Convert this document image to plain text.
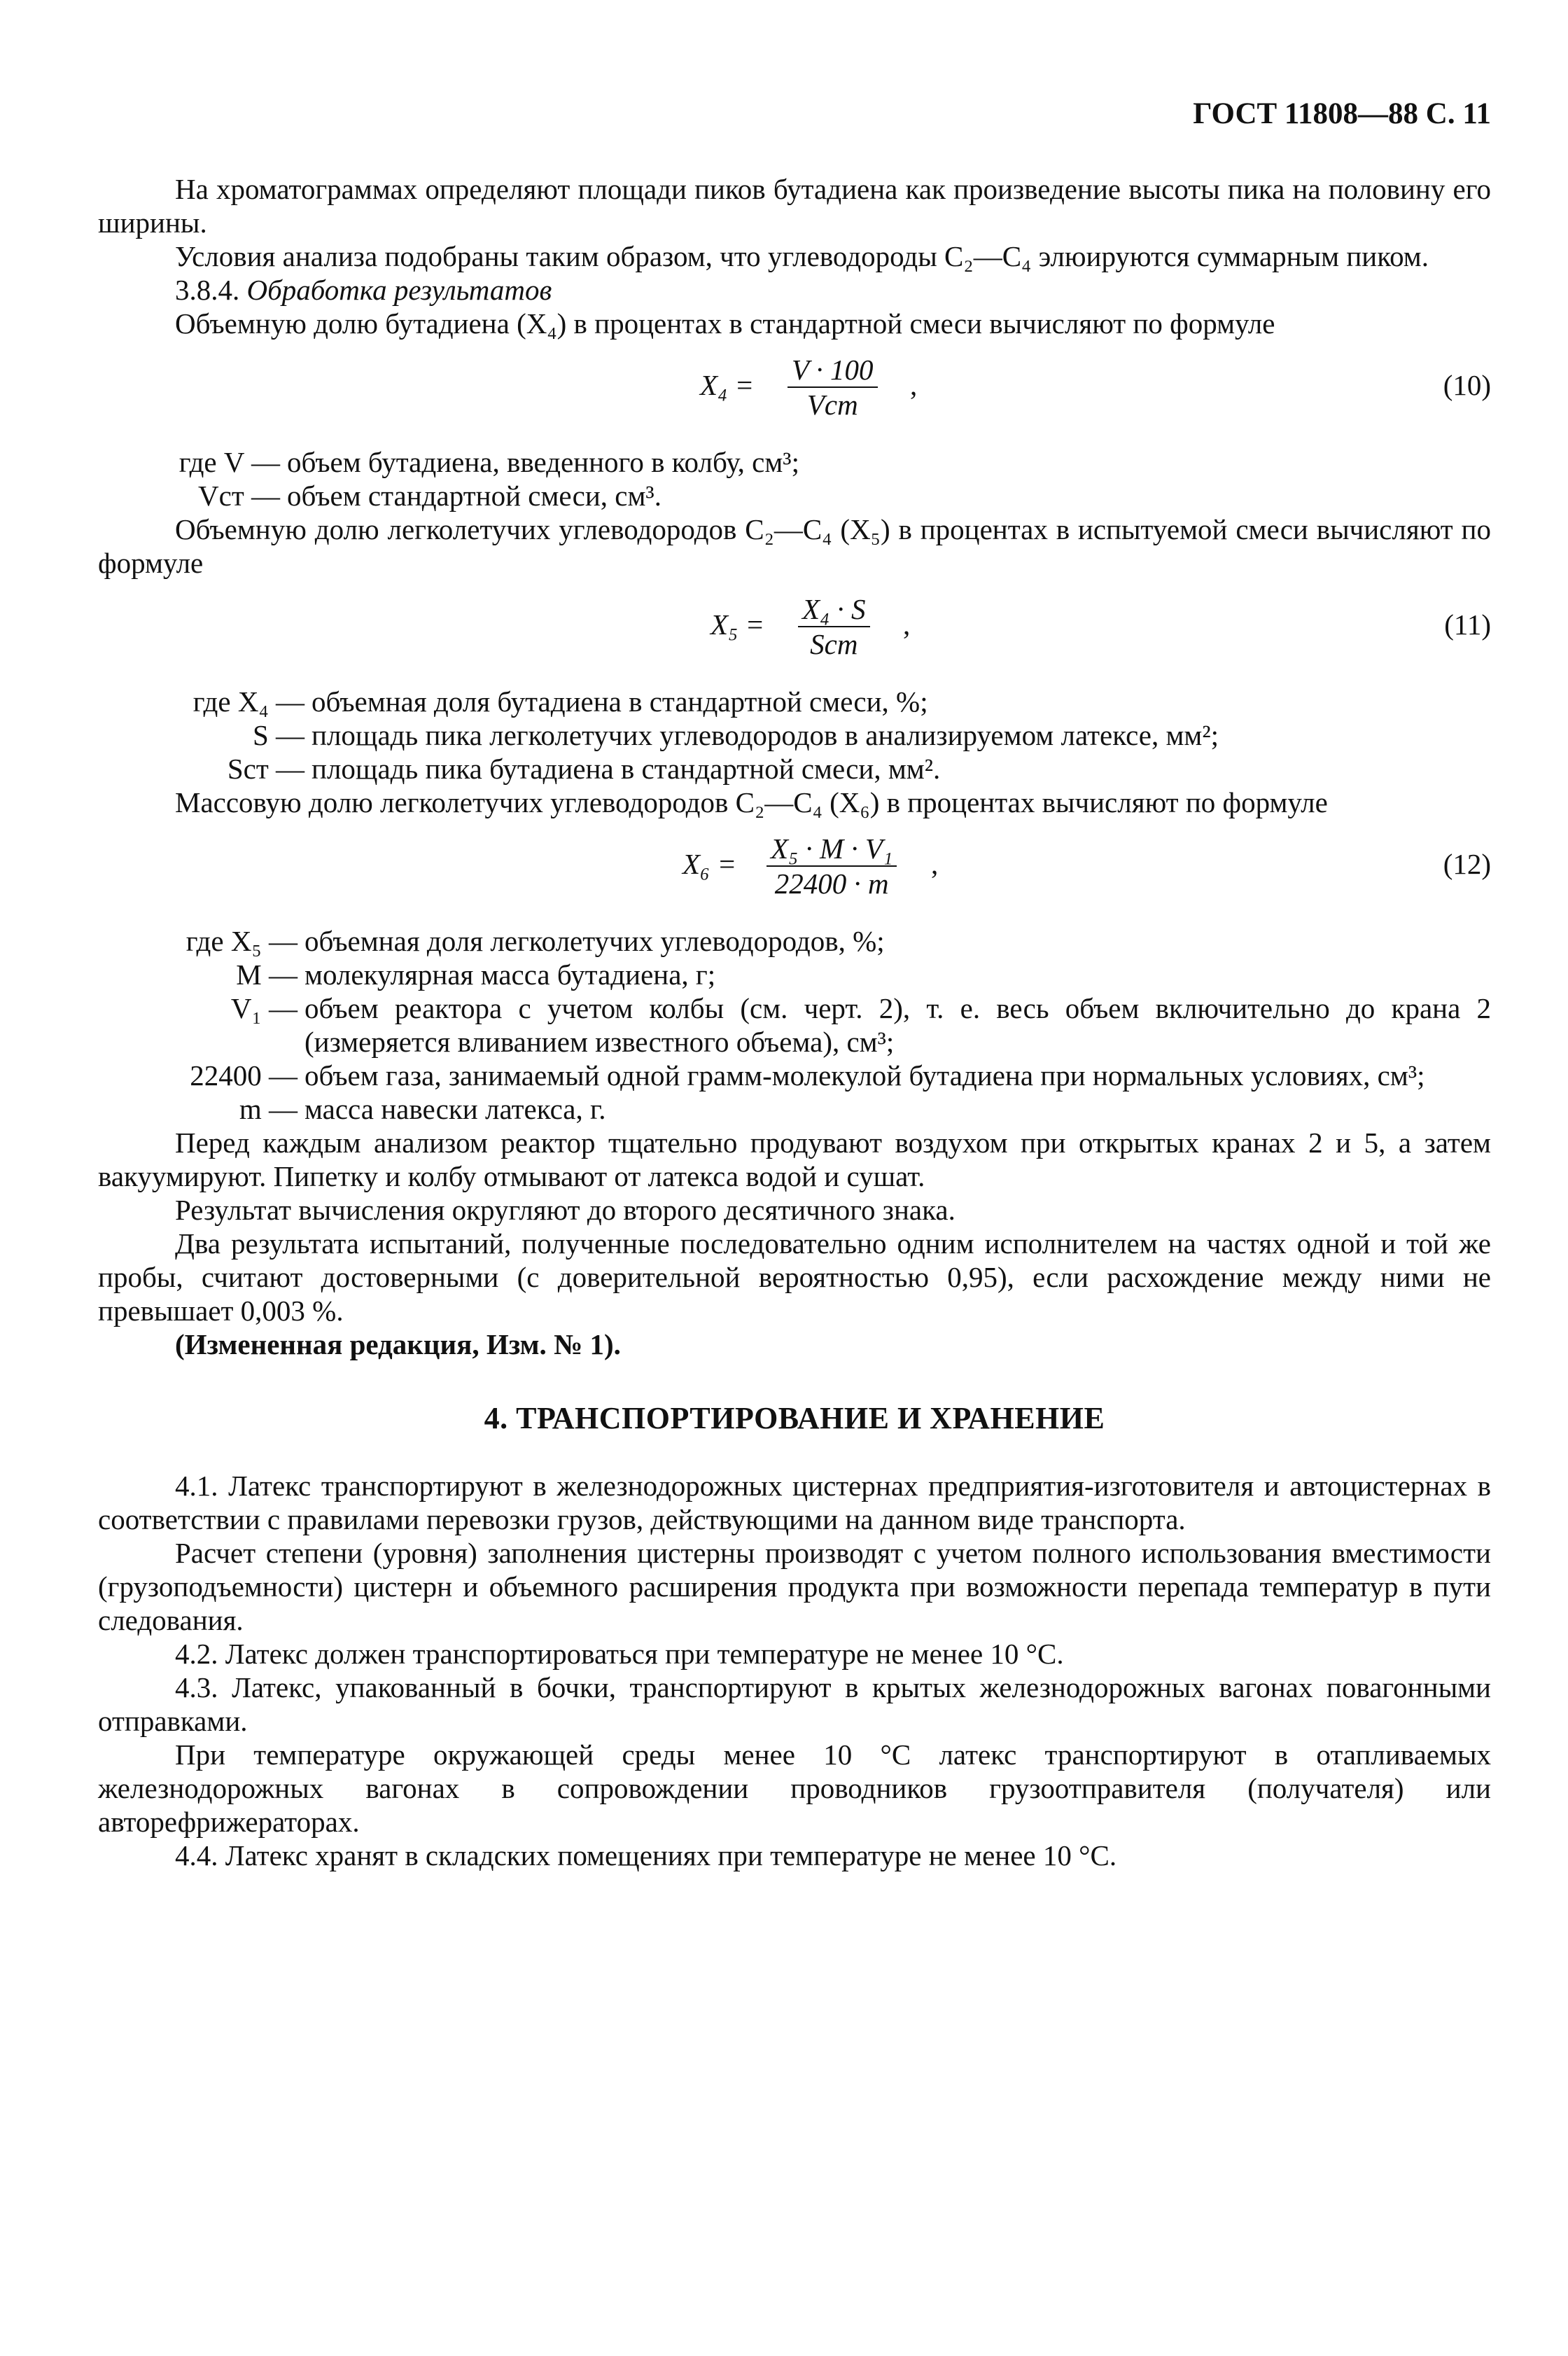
ГОСТ 11808—88 С. 11

На хроматограммах определяют площади пиков бутадиена как произведение высоты пика на половину его ширины.

Условия анализа подобраны таким образом, что углеводороды C₂—C₄ элюируются суммарным пиком.

3.8.4. Обработка результатов

Объемную долю бутадиена (X₄) в процентах в стандартной смеси вычисляют по формуле

X₄ = V · 100
Vст
,	(10)
где V —	объем бутадиена, введенного в колбу, см³;
Vст —	объем стандартной смеси, см³.

Объемную долю легколетучих углеводородов C₂—C₄ (X₅) в процентах в испытуемой смеси вычисляют по формуле

X₅ = X₄ · S
Sст
,	(11)
где X₄ —	объемная доля бутадиена в стандартной смеси, %;
S —	площадь пика легколетучих углеводородов в анализируемом латексе, мм²;
Sст —	площадь пика бутадиена в стандартной смеси, мм².

Массовую долю легколетучих углеводородов C₂—C₄ (X₆) в процентах вычисляют по формуле

$X_6 = \frac{\text{X₅ · M · V₁}}{22400 \cdot m}$ ,	(12)
где X₅ —	объемная доля легколетучих углеводородов, %;
M —	молекулярная масса бутадиена, г;
V₁ —	объем реактора с учетом колбы (см. черт. 2), т. е. весь объем включительно до крана 2 (измеряется вливанием известного объема), см³;
22400 —	объем газа, занимаемый одной грамм-молекулой бутадиена при нормальных условиях, см³;
m —	масса навески латекса, г.

Перед каждым анализом реактор тщательно продувают воздухом при открытых кранах 2 и 5, а затем вакуумируют. Пипетку и колбу отмывают от латекса водой и сушат.

Результат вычисления округляют до второго десятичного знака.

Два результата испытаний, полученные последовательно одним исполнителем на частях одной и той же пробы, считают достоверными (с доверительной вероятностью 0,95), если расхождение между ними не превышает 0,003 %.

(Измененная редакция, Изм. № 1).

4. ТРАНСПОРТИРОВАНИЕ И ХРАНЕНИЕ

4.1. Латекс транспортируют в железнодорожных цистернах предприятия-изготовителя и автоцистернах в соответствии с правилами перевозки грузов, действующими на данном виде транспорта.

Расчет степени (уровня) заполнения цистерны производят с учетом полного использования вместимости (грузоподъемности) цистерн и объемного расширения продукта при возможности перепада температур в пути следования.

4.2. Латекс должен транспортироваться при температуре не менее 10 °С.

4.3. Латекс, упакованный в бочки, транспортируют в крытых железнодорожных вагонах повагонными отправками.

При температуре окружающей среды менее 10 °С латекс транспортируют в отапливаемых железнодорожных вагонах в сопровождении проводников грузоотправителя (получателя) или авторефрижераторах.

4.4. Латекс хранят в складских помещениях при температуре не менее 10 °С.
